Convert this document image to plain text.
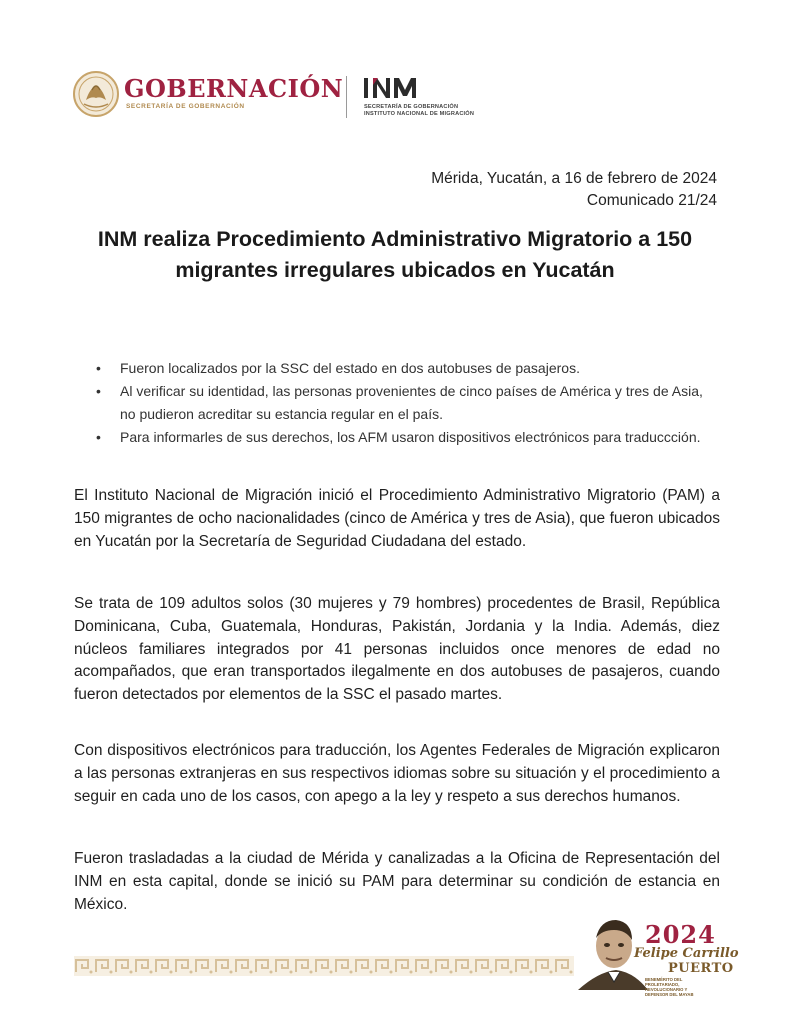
GOBERNACIÓN
SECRETARÍA DE GOBERNACIÓN	SECRETARÍA DE GOBERNACIÓN
INSTITUTO NACIONAL DE MIGRACIÓN
Mérida, Yucatán, a 16 de febrero de 2024
Comunicado 21/24
INM realiza Procedimiento Administrativo Migratorio a 150 migrantes irregulares ubicados en Yucatán
• Fueron localizados por la SSC del estado en dos autobuses de pasajeros.
• Al verificar su identidad, las personas provenientes de cinco países de América y tres de Asia, no pudieron acreditar su estancia regular en el país.
• Para informarles de sus derechos, los AFM usaron dispositivos electrónicos para traduccción.

El Instituto Nacional de Migración inició el Procedimiento Administrativo Migratorio (PAM) a 150 migrantes de ocho nacionalidades (cinco de América y tres de Asia), que fueron ubicados en Yucatán por la Secretaría de Seguridad Ciudadana del estado.

Se trata de 109 adultos solos (30 mujeres y 79 hombres) procedentes de Brasil, República Dominicana, Cuba, Guatemala, Honduras, Pakistán, Jordania y la India. Además, diez núcleos familiares integrados por 41 personas incluidos once menores de edad no acompañados, que eran transportados ilegalmente en dos autobuses de pasajeros, cuando fueron detectados por elementos de la SSC el pasado martes.

Con dispositivos electrónicos para traducción, los Agentes Federales de Migración explicaron a las personas extranjeras en sus respectivos idiomas sobre su situación y el procedimiento a seguir en cada uno de los casos, con apego a la ley y respeto a sus derechos humanos.

Fueron trasladadas a la ciudad de Mérida y canalizadas a la Oficina de Representación del INM en esta capital, donde se inició su PAM para determinar su condición de estancia en México.

2024
Felipe Carrillo
PUERTO
BENEMÉRITO DEL PROLETARIADO, REVOLUCIONARIO Y DEFENSOR DEL MAYAB
